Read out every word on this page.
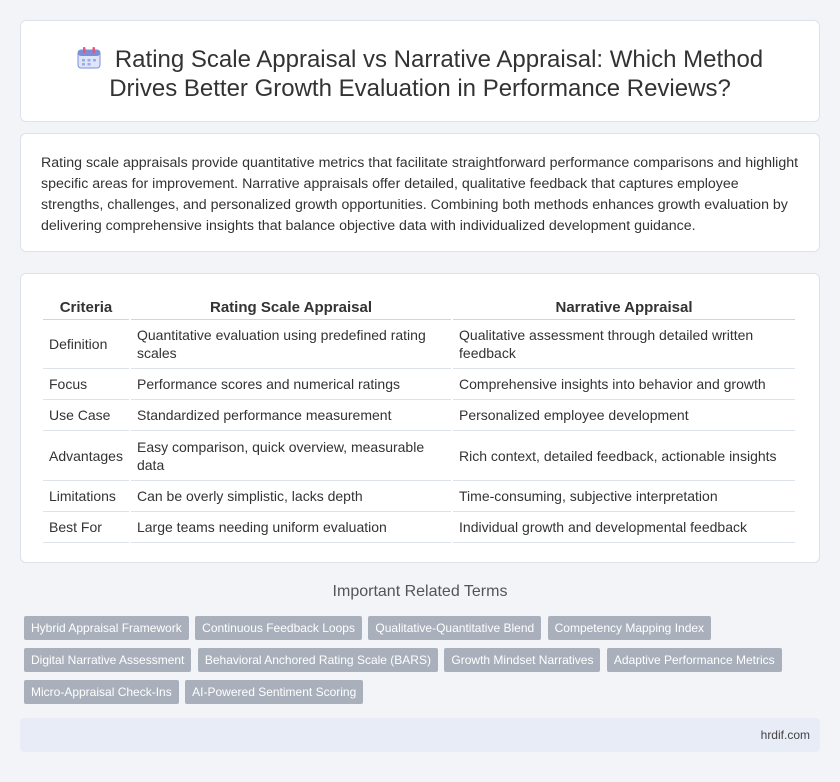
Rating Scale Appraisal vs Narrative Appraisal: Which Method Drives Better Growth Evaluation in Performance Reviews?

Rating scale appraisals provide quantitative metrics that facilitate straightforward performance comparisons and highlight specific areas for improvement. Narrative appraisals offer detailed, qualitative feedback that captures employee strengths, challenges, and personalized growth opportunities. Combining both methods enhances growth evaluation by delivering comprehensive insights that balance objective data with individualized development guidance.

Criteria	Rating Scale Appraisal	Narrative Appraisal
Definition	Quantitative evaluation using predefined rating scales	Qualitative assessment through detailed written feedback
Focus	Performance scores and numerical ratings	Comprehensive insights into behavior and growth
Use Case	Standardized performance measurement	Personalized employee development
Advantages	Easy comparison, quick overview, measurable data	Rich context, detailed feedback, actionable insights
Limitations	Can be overly simplistic, lacks depth	Time-consuming, subjective interpretation
Best For	Large teams needing uniform evaluation	Individual growth and developmental feedback
Important Related Terms
Hybrid Appraisal Framework Continuous Feedback Loops Qualitative-Quantitative Blend Competency Mapping Index
Digital Narrative Assessment Behavioral Anchored Rating Scale (BARS) Growth Mindset Narratives Adaptive Performance Metrics
Micro-Appraisal Check-Ins AI-Powered Sentiment Scoring
hrdif.com
